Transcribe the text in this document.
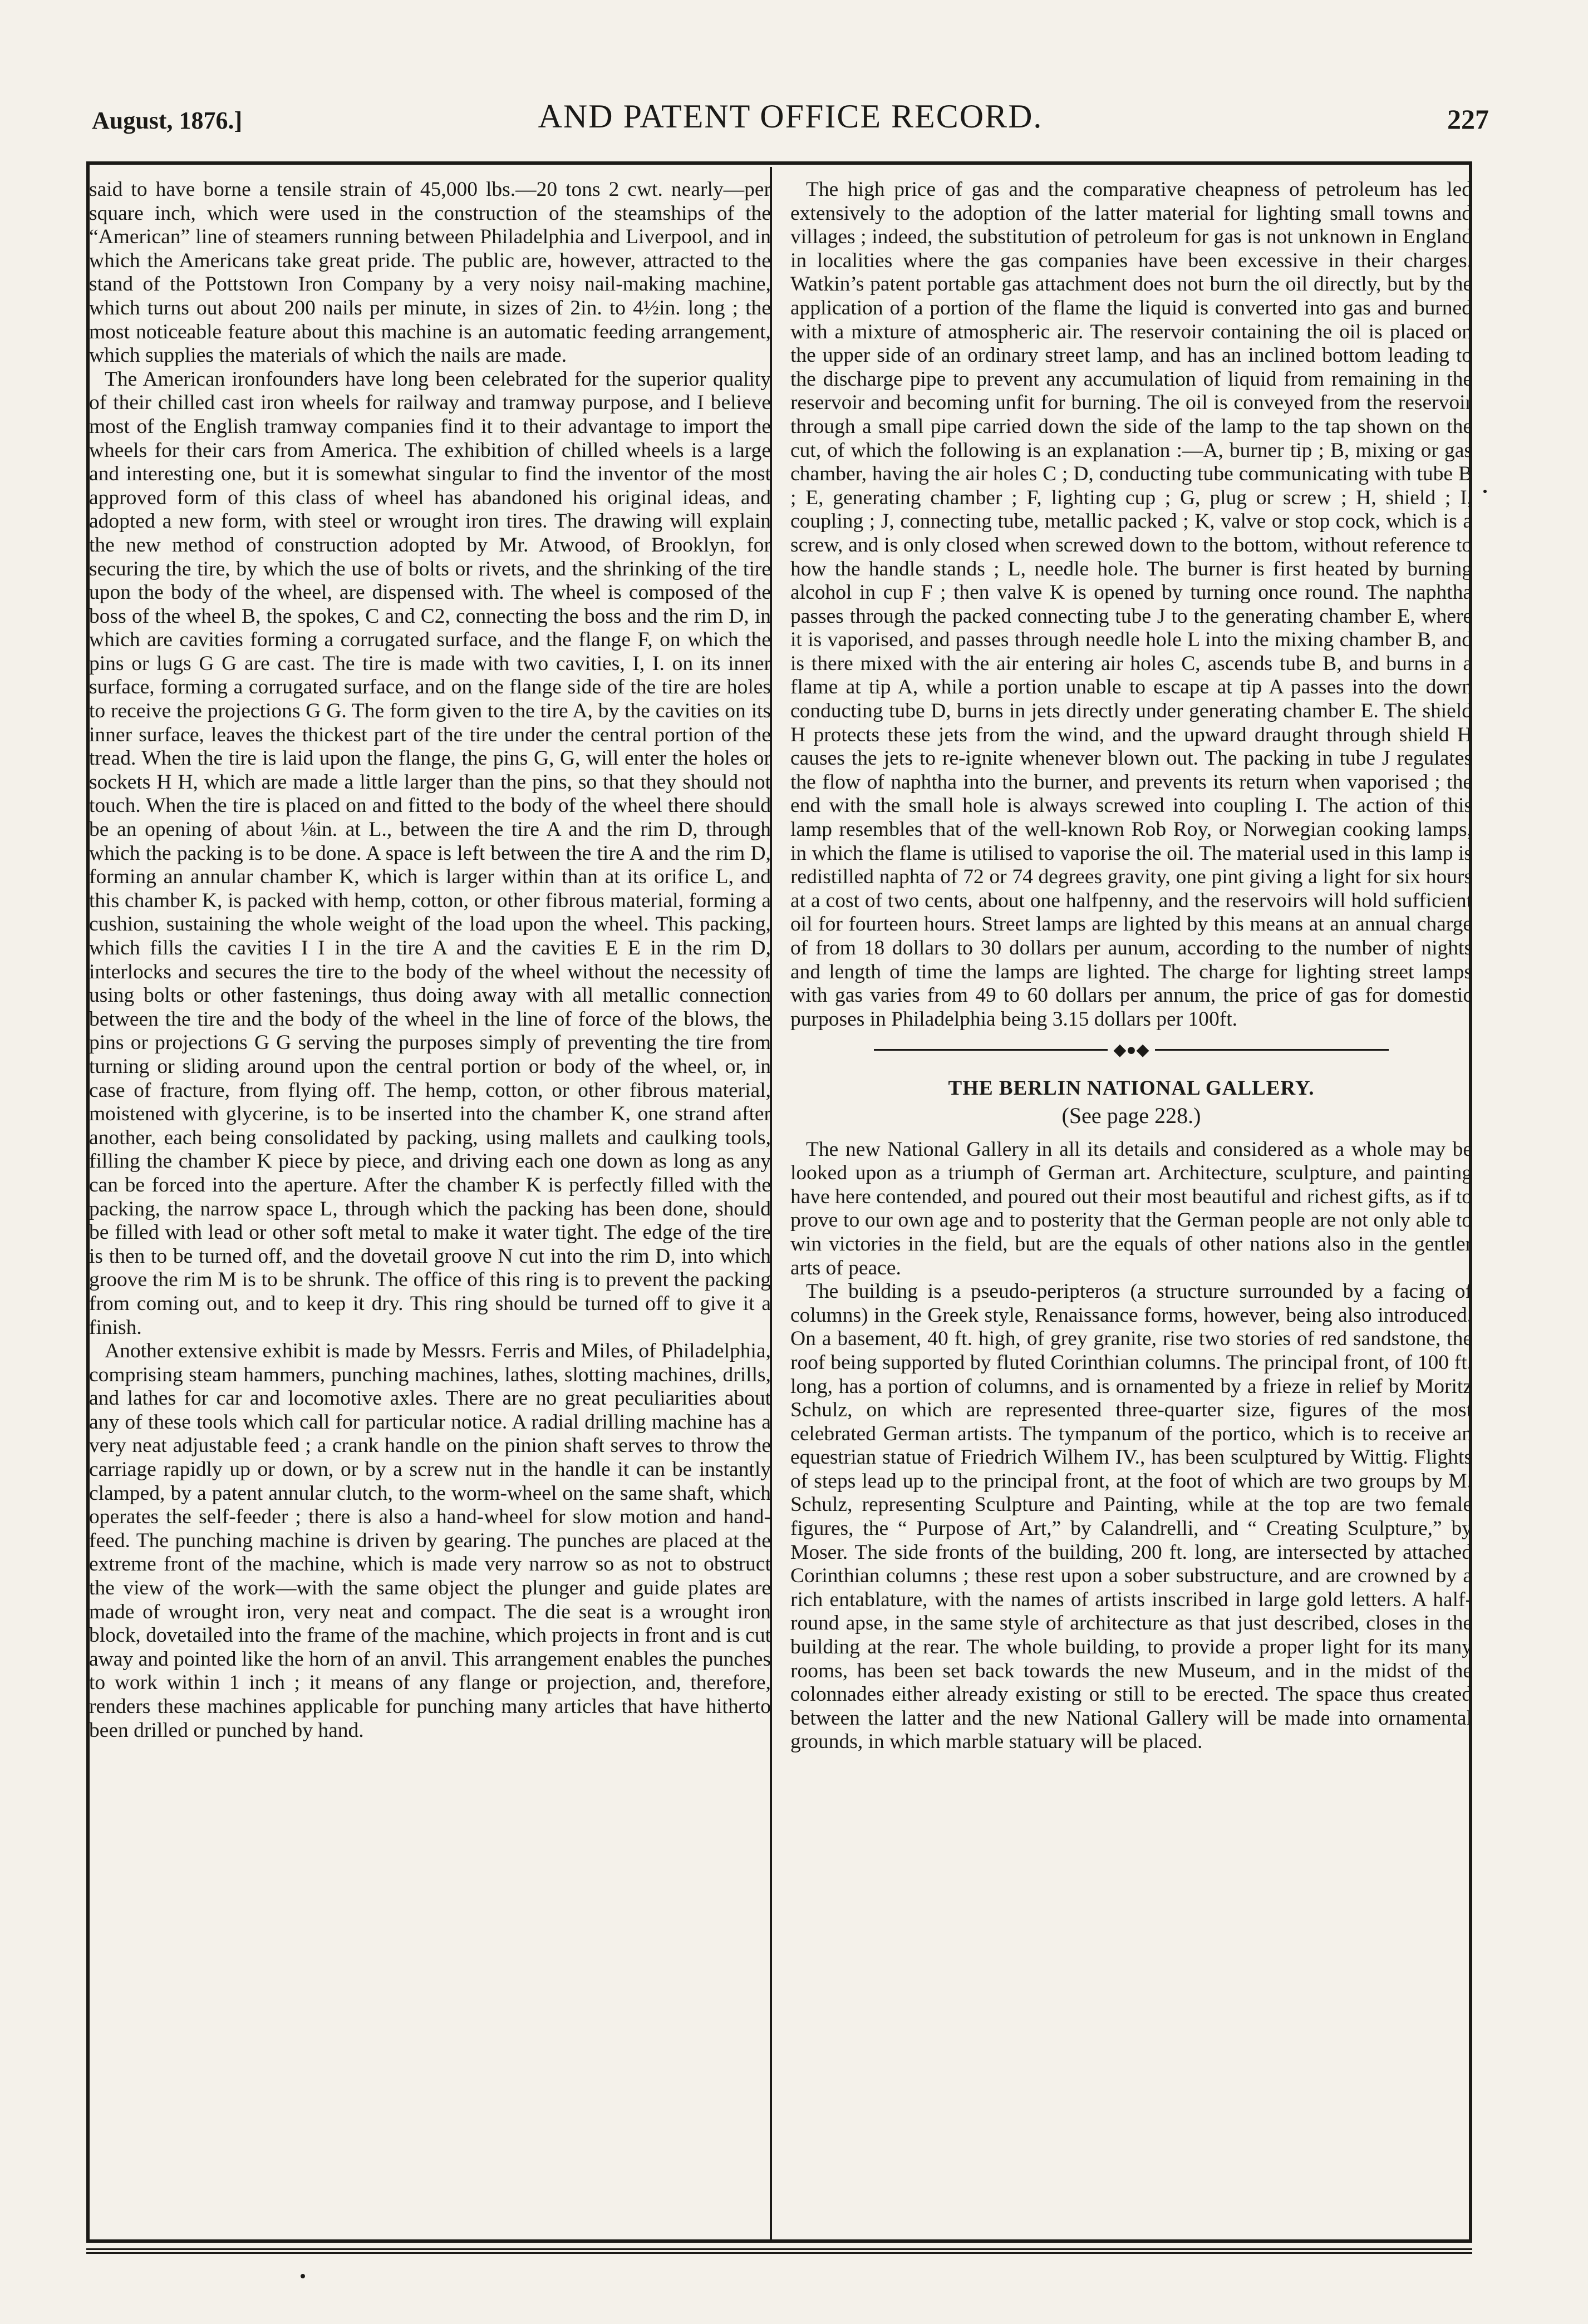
August, 1876.]	AND PATENT OFFICE RECORD.	227

said to have borne a tensile strain of 45,000 lbs.—20 tons 2 cwt. nearly—per square inch, which were used in the construction of the steamships of the “American” line of steamers running between Philadelphia and Liverpool, and in which the Americans take great pride. The public are, however, attracted to the stand of the Pottstown Iron Company by a very noisy nail-making machine, which turns out about 200 nails per minute, in sizes of 2in. to 4½in. long ; the most noticeable feature about this machine is an automatic feeding arrangement, which supplies the materials of which the nails are made.

The American ironfounders have long been celebrated for the superior quality of their chilled cast iron wheels for railway and tramway purpose, and I believe most of the English tramway companies find it to their advantage to import the wheels for their cars from America. The exhibition of chilled wheels is a large and interesting one, but it is somewhat singular to find the inventor of the most approved form of this class of wheel has abandoned his original ideas, and adopted a new form, with steel or wrought iron tires. The drawing will explain the new method of construction adopted by Mr. Atwood, of Brooklyn, for securing the tire, by which the use of bolts or rivets, and the shrinking of the tire upon the body of the wheel, are dispensed with. The wheel is composed of the boss of the wheel B, the spokes, C and C2, connecting the boss and the rim D, in which are cavities forming a corrugated surface, and the flange F, on which the pins or lugs G G are cast. The tire is made with two cavities, I, I. on its inner surface, forming a corrugated surface, and on the flange side of the tire are holes to receive the projections G G. The form given to the tire A, by the cavities on its inner surface, leaves the thickest part of the tire under the central portion of the tread. When the tire is laid upon the flange, the pins G, G, will enter the holes or sockets H H, which are made a little larger than the pins, so that they should not touch. When the tire is placed on and fitted to the body of the wheel there should be an opening of about ⅛in. at L., between the tire A and the rim D, through which the packing is to be done. A space is left between the tire A and the rim D, forming an annular chamber K, which is larger within than at its orifice L, and this chamber K, is packed with hemp, cotton, or other fibrous material, forming a cushion, sustaining the whole weight of the load upon the wheel. This packing, which fills the cavities I I in the tire A and the cavities E E in the rim D, interlocks and secures the tire to the body of the wheel without the necessity of using bolts or other fastenings, thus doing away with all metallic connection between the tire and the body of the wheel in the line of force of the blows, the pins or projections G G serving the purposes simply of preventing the tire from turning or sliding around upon the central portion or body of the wheel, or, in case of fracture, from flying off. The hemp, cotton, or other fibrous material, moistened with glycerine, is to be inserted into the chamber K, one strand after another, each being consolidated by packing, using mallets and caulking tools, filling the chamber K piece by piece, and driving each one down as long as any can be forced into the aperture. After the chamber K is perfectly filled with the packing, the narrow space L, through which the packing has been done, should be filled with lead or other soft metal to make it water tight. The edge of the tire is then to be turned off, and the dovetail groove N cut into the rim D, into which groove the rim M is to be shrunk. The office of this ring is to prevent the packing from coming out, and to keep it dry. This ring should be turned off to give it a finish.

Another extensive exhibit is made by Messrs. Ferris and Miles, of Philadelphia, comprising steam hammers, punching machines, lathes, slotting machines, drills, and lathes for car and locomotive axles. There are no great peculiarities about any of these tools which call for particular notice. A radial drilling machine has a very neat adjustable feed ; a crank handle on the pinion shaft serves to throw the carriage rapidly up or down, or by a screw nut in the handle it can be instantly clamped, by a patent annular clutch, to the worm-wheel on the same shaft, which operates the self-feeder ; there is also a hand-wheel for slow motion and hand-feed. The punching machine is driven by gearing. The punches are placed at the extreme front of the machine, which is made very narrow so as not to obstruct the view of the work—with the same object the plunger and guide plates are made of wrought iron, very neat and compact. The die seat is a wrought iron block, dovetailed into the frame of the machine, which projects in front and is cut away and pointed like the horn of an anvil. This arrangement enables the punches to work within 1 inch ; it means of any flange or projection, and, therefore, renders these machines applicable for punching many articles that have hitherto been drilled or punched by hand.

The high price of gas and the comparative cheapness of petroleum has led extensively to the adoption of the latter material for lighting small towns and villages ; indeed, the substitution of petroleum for gas is not unknown in England in localities where the gas companies have been excessive in their charges. Watkin’s patent portable gas attachment does not burn the oil directly, but by the application of a portion of the flame the liquid is converted into gas and burned with a mixture of atmospheric air. The reservoir containing the oil is placed on the upper side of an ordinary street lamp, and has an inclined bottom leading to the discharge pipe to prevent any accumulation of liquid from remaining in the reservoir and becoming unfit for burning. The oil is conveyed from the reservoir through a small pipe carried down the side of the lamp to the tap shown on the cut, of which the following is an explanation :—A, burner tip ; B, mixing or gas chamber, having the air holes C ; D, conducting tube communicating with tube B ; E, generating chamber ; F, lighting cup ; G, plug or screw ; H, shield ; I, coupling ; J, connecting tube, metallic packed ; K, valve or stop cock, which is a screw, and is only closed when screwed down to the bottom, without reference to how the handle stands ; L, needle hole. The burner is first heated by burning alcohol in cup F ; then valve K is opened by turning once round. The naphtha passes through the packed connecting tube J to the generating chamber E, where it is vaporised, and passes through needle hole L into the mixing chamber B, and is there mixed with the air entering air holes C, ascends tube B, and burns in a flame at tip A, while a portion unable to escape at tip A passes into the down conducting tube D, burns in jets directly under generating chamber E. The shield H protects these jets from the wind, and the upward draught through shield H causes the jets to re-ignite whenever blown out. The packing in tube J regulates the flow of naphtha into the burner, and prevents its return when vaporised ; the end with the small hole is always screwed into coupling I. The action of this lamp resembles that of the well-known Rob Roy, or Norwegian cooking lamps, in which the flame is utilised to vaporise the oil. The material used in this lamp is redistilled naphta of 72 or 74 degrees gravity, one pint giving a light for six hours at a cost of two cents, about one halfpenny, and the reservoirs will hold sufficient oil for fourteen hours. Street lamps are lighted by this means at an annual charge of from 18 dollars to 30 dollars per aunum, according to the number of nights and length of time the lamps are lighted. The charge for lighting street lamps with gas varies from 49 to 60 dollars per annum, the price of gas for domestic purposes in Philadelphia being 3.15 dollars per 100ft.

◆●◆
THE BERLIN NATIONAL GALLERY.
(See page 228.)

The new National Gallery in all its details and considered as a whole may be looked upon as a triumph of German art. Architecture, sculpture, and painting have here contended, and poured out their most beautiful and richest gifts, as if to prove to our own age and to posterity that the German people are not only able to win victories in the field, but are the equals of other nations also in the gentler arts of peace.

The building is a pseudo-peripteros (a structure surrounded by a facing of columns) in the Greek style, Renaissance forms, however, being also introduced. On a basement, 40 ft. high, of grey granite, rise two stories of red sandstone, the roof being supported by fluted Corinthian columns. The principal front, of 100 ft. long, has a portion of columns, and is ornamented by a frieze in relief by Moritz Schulz, on which are represented three-quarter size, figures of the most celebrated German artists. The tympanum of the portico, which is to receive an equestrian statue of Friedrich Wilhem IV., has been sculptured by Wittig. Flights of steps lead up to the principal front, at the foot of which are two groups by M. Schulz, representing Sculpture and Painting, while at the top are two female figures, the “ Purpose of Art,” by Calandrelli, and “ Creating Sculpture,” by Moser. The side fronts of the building, 200 ft. long, are intersected by attached Corinthian columns ; these rest upon a sober substructure, and are crowned by a rich entablature, with the names of artists inscribed in large gold letters. A half-round apse, in the same style of architecture as that just described, closes in the building at the rear. The whole building, to provide a proper light for its many rooms, has been set back towards the new Museum, and in the midst of the colonnades either already existing or still to be erected. The space thus created between the latter and the new National Gallery will be made into ornamental grounds, in which marble statuary will be placed.
